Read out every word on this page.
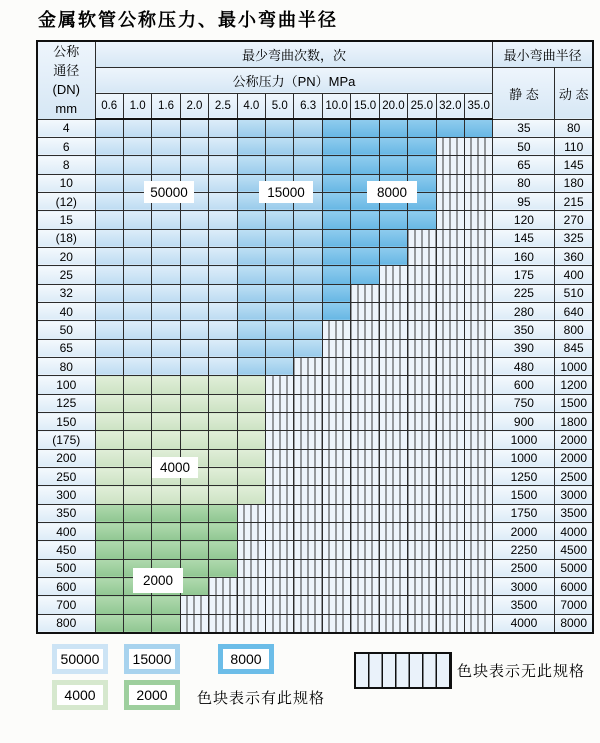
金属软管公称压力、最小弯曲半径
公称
通径
(DN)
mm	最少弯曲次数，次														最小弯曲半径	
	公称压力（PN）MPa														静 态	动 态
	0.6	1.0	1.6	2.0	2.5	4.0	5.0	6.3	10.0	15.0	20.0	25.0	32.0	35.0		
4															35	80
6															50	110
8															65	145
10															80	180
(12)															95	215
15															120	270
(18)															145	325
20															160	360
25															175	400
32															225	510
40															280	640
50															350	800
65															390	845
80															480	1000
100															600	1200
125															750	1500
150															900	1800
(175)															1000	2000
200															1000	2000
250															1250	2500
300															1500	3000
350															1750	3500
400															2000	4000
450															2250	4500
500															2500	5000
600															3000	6000
700															3500	7000
800															4000	8000
50000	15000	8000
4000
2000
色块表示有此规格
色块表示无此规格
50000 15000	8000
4000	2000
